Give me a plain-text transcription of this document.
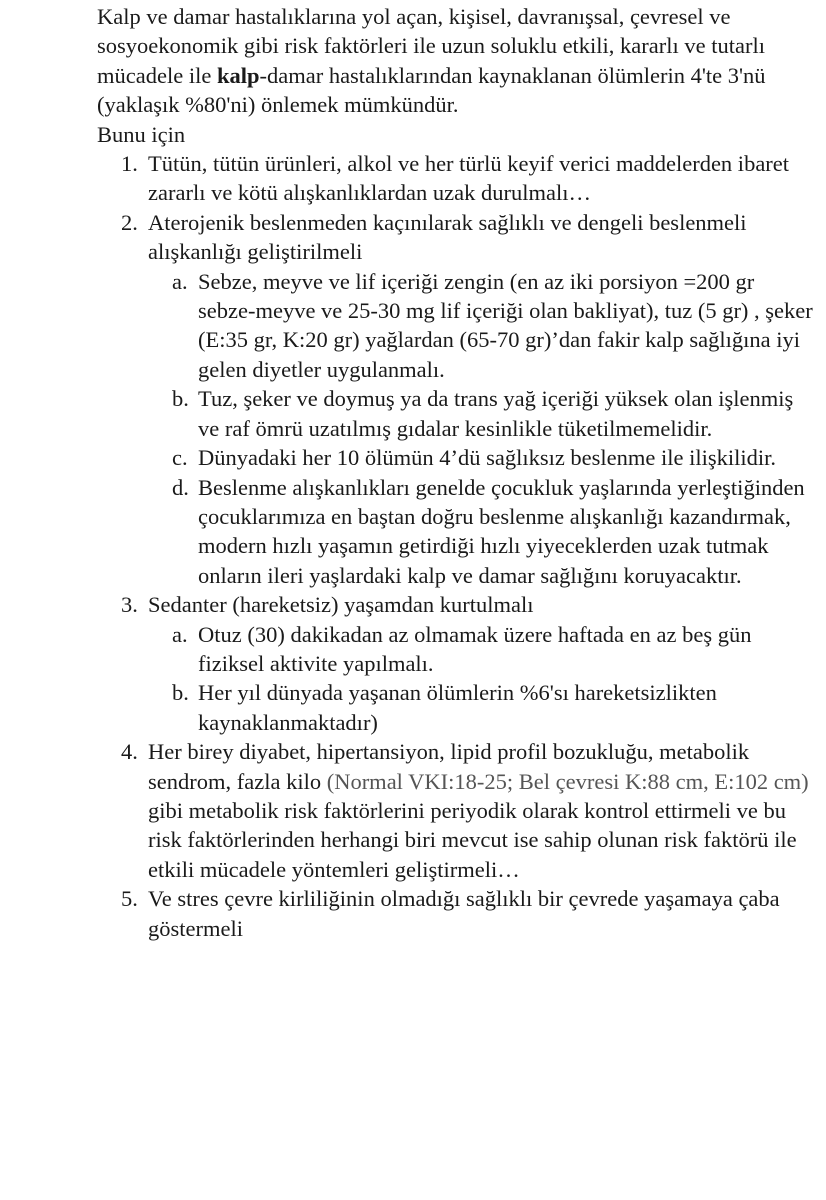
Kalp ve damar hastalıklarına yol açan, kişisel, davranışsal, çevresel ve sosyoekonomik gibi risk faktörleri ile uzun soluklu etkili, kararlı ve tutarlı mücadele ile kalp-damar hastalıklarından kaynaklanan ölümlerin 4'te 3'nü (yaklaşık %80'ni) önlemek mümkündür.

Bunu için

1. Tütün, tütün ürünleri, alkol ve her türlü keyif verici maddelerden ibaret zararlı ve kötü alışkanlıklardan uzak durulmalı…
2. Aterojenik beslenmeden kaçınılarak sağlıklı ve dengeli beslenmeli alışkanlığı geliştirilmeli
a. Sebze, meyve ve lif içeriği zengin (en az iki porsiyon =200 gr sebze-meyve ve 25-30 mg lif içeriği olan bakliyat), tuz (5 gr) , şeker (E:35 gr, K:20 gr) yağlardan (65-70 gr)’dan fakir kalp sağlığına iyi gelen diyetler uygulanmalı.
b. Tuz, şeker ve doymuş ya da trans yağ içeriği yüksek olan işlenmiş ve raf ömrü uzatılmış gıdalar kesinlikle tüketilmemelidir.
c. Dünyadaki her 10 ölümün 4’dü sağlıksız beslenme ile ilişkilidir.
d. Beslenme alışkanlıkları genelde çocukluk yaşlarında yerleştiğinden çocuklarımıza en baştan doğru beslenme alışkanlığı kazandırmak, modern hızlı yaşamın getirdiği hızlı yiyeceklerden uzak tutmak onların ileri yaşlardaki kalp ve damar sağlığını koruyacaktır.
3. Sedanter (hareketsiz) yaşamdan kurtulmalı
a. Otuz (30) dakikadan az olmamak üzere haftada en az beş gün fiziksel aktivite yapılmalı.
b. Her yıl dünyada yaşanan ölümlerin %6'sı hareketsizlikten kaynaklanmaktadır)
4. Her birey diyabet, hipertansiyon, lipid profil bozukluğu, metabolik sendrom, fazla kilo (Normal VKI:18-25; Bel çevresi K:88 cm, E:102 cm)   gibi metabolik risk faktörlerini periyodik olarak kontrol ettirmeli ve bu risk faktörlerinden herhangi biri mevcut ise sahip olunan risk faktörü ile etkili mücadele yöntemleri geliştirmeli…
5. Ve stres çevre kirliliğinin olmadığı sağlıklı bir çevrede yaşamaya çaba göstermeli
